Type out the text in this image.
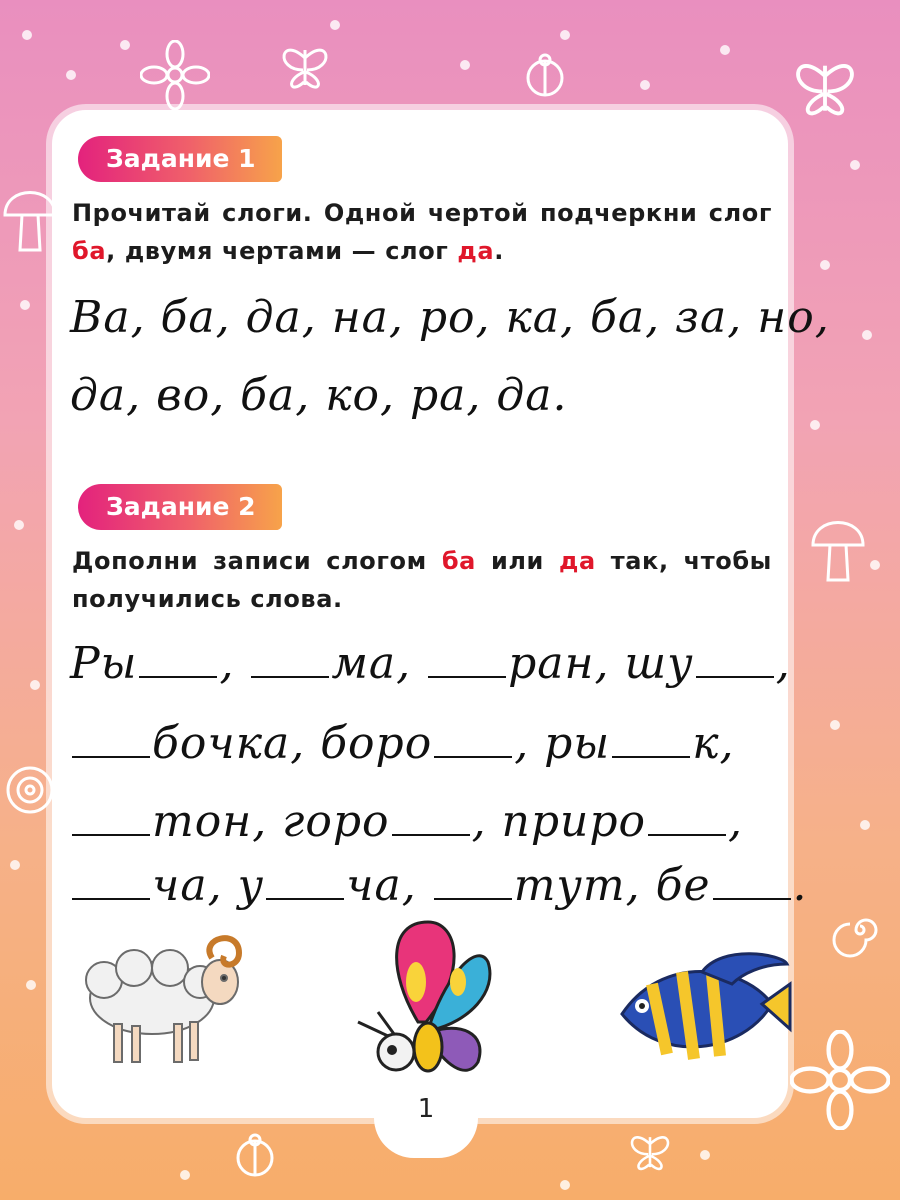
Задание 1
Прочитай слоги. Одной чертой подчеркни слог ба, двумя чертами — слог да.
Ва, ба, да, на, ро, ка, ба, за, но,
да, во, ба, ко, ра, да.
Задание 2
Дополни записи слогом ба или да так, чтобы получились слова.
Ры , ма, ран, шу ,
бочка, боро , ры к,
тон, горо , приро ,
ча, у ча, тут, бе .
1
